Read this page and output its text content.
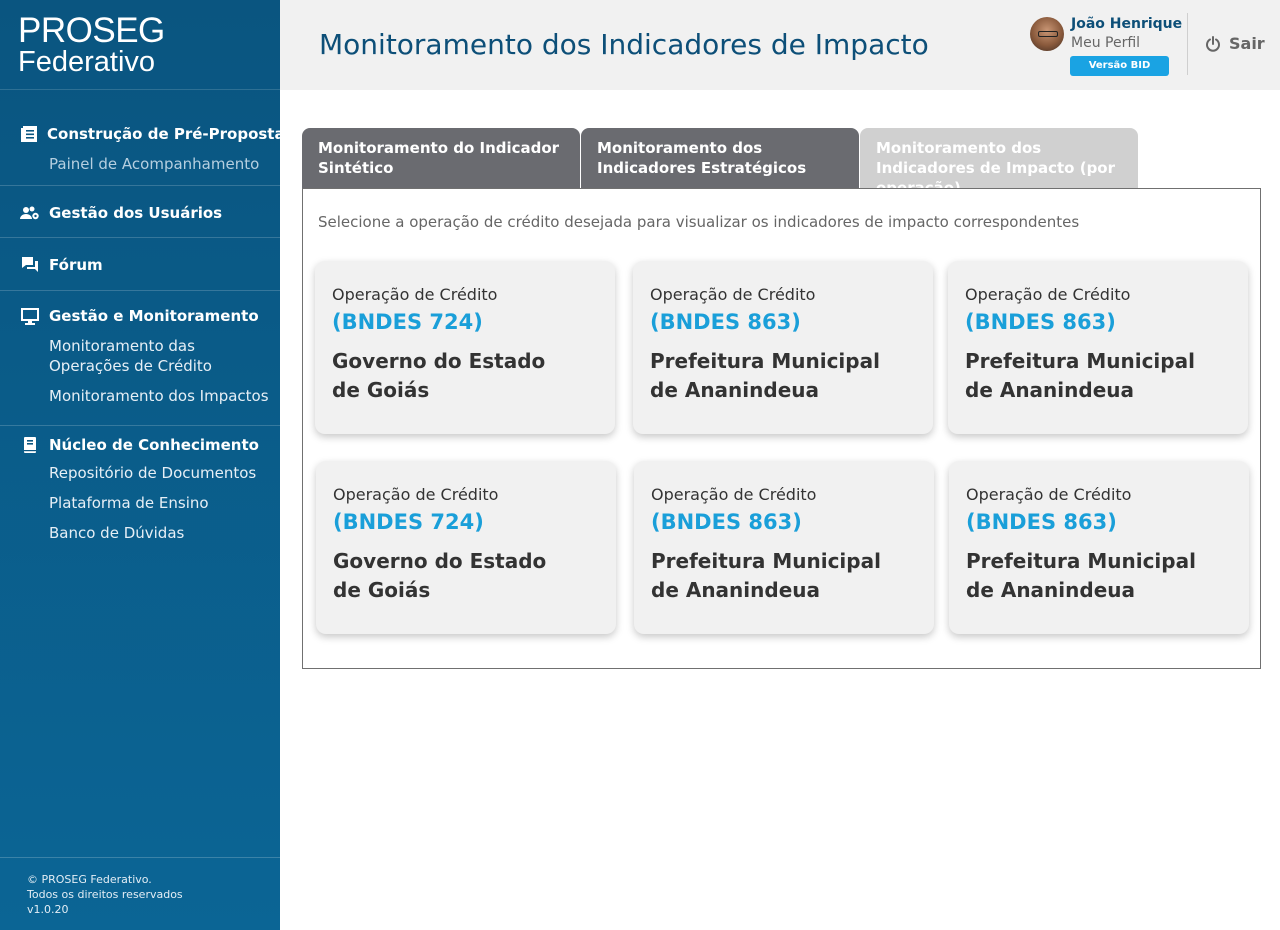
PROSEG
Federativo
Construção de Pré-Proposta
Painel de Acompanhamento
Gestão dos Usuários
Fórum
Gestão e Monitoramento
Monitoramento das Operações de Crédito
Monitoramento dos Impactos
Núcleo de Conhecimento
Repositório de Documentos
Plataforma de Ensino
Banco de Dúvidas
© PROSEG Federativo.
Todos os direitos reservados
v1.0.20
Monitoramento dos Indicadores de Impacto
João Henrique
Meu Perfil
Versão BID
Sair
Monitoramento do Indicador Sintético
Monitoramento dos Indicadores Estratégicos
Monitoramento dos Indicadores de Impacto (por

Selecione a operação de crédito desejada para visualizar os indicadores de impacto correspondentes

Operação de Crédito
(BNDES 724)
Governo do Estado de Goiás
Operação de Crédito
(BNDES 863)
Prefeitura Municipal de Ananindeua
Operação de Crédito
(BNDES 863)
Prefeitura Municipal de Ananindeua
Operação de Crédito
(BNDES 724)
Governo do Estado de Goiás
Operação de Crédito
(BNDES 863)
Prefeitura Municipal de Ananindeua
Operação de Crédito
(BNDES 863)
Prefeitura Municipal de Ananindeua
